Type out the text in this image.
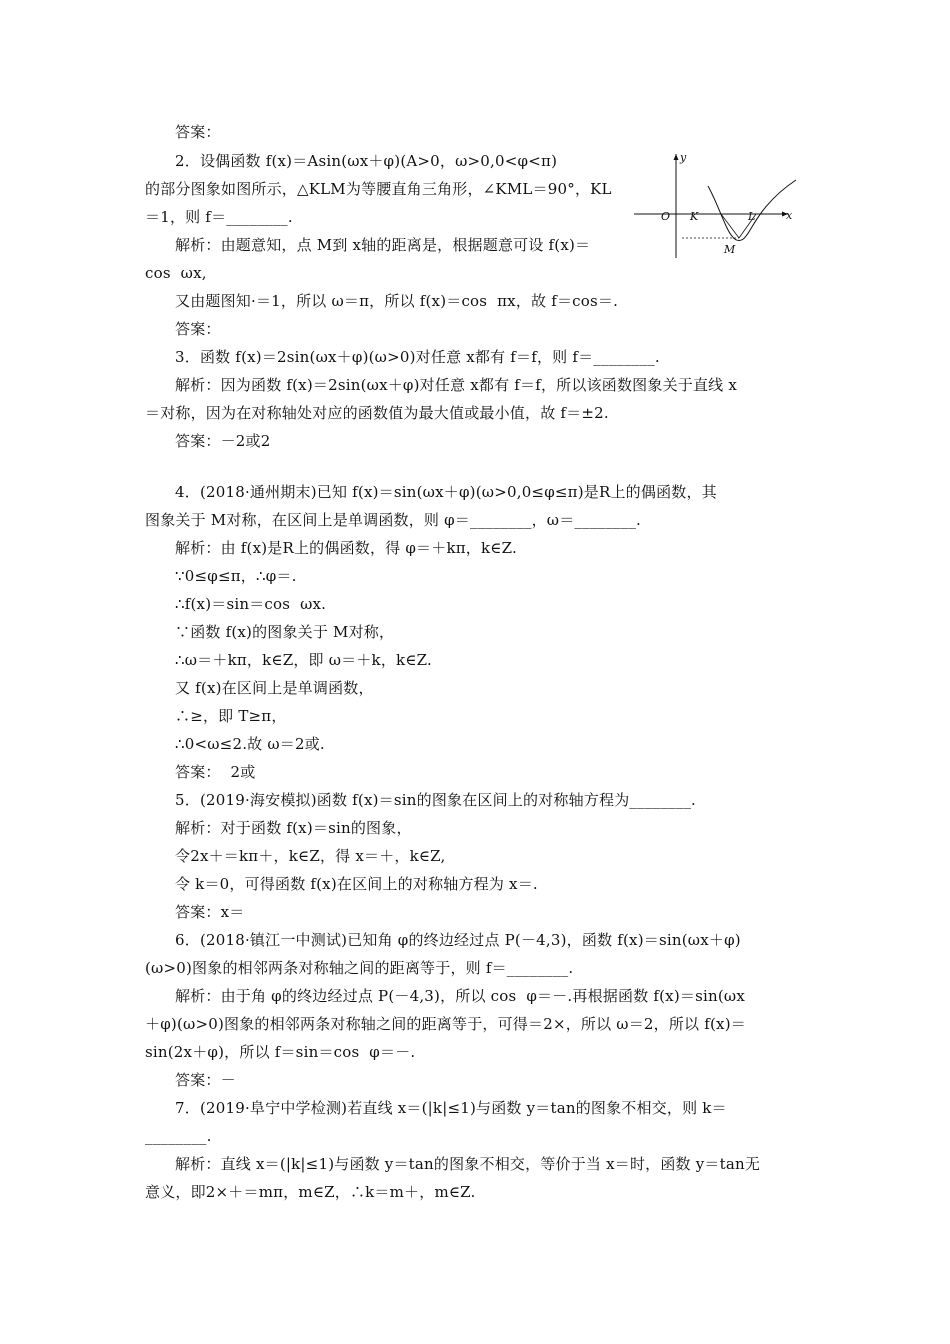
答案：
2．设偶函数 f(x)＝Asin(ωx＋φ)(A>0，ω>0,0<φ<π)
的部分图象如图所示，△KLM为等腰直角三角形，∠KML＝90°，KL
＝1，则 f＝________.
解析：由题意知，点 M到 x轴的距离是，根据题意可设 f(x)＝
cos  ωx,
又由题图知·＝1，所以 ω＝π，所以 f(x)＝cos  πx，故 f＝cos＝.
答案：
3．函数 f(x)＝2sin(ωx＋φ)(ω>0)对任意 x都有 f＝f，则 f＝________.
解析：因为函数 f(x)＝2sin(ωx＋φ)对任意 x都有 f＝f，所以该函数图象关于直线 x
＝对称，因为在对称轴处对应的函数值为最大值或最小值，故 f＝±2.
答案：－2或2
4．(2018·通州期末)已知 f(x)＝sin(ωx＋φ)(ω>0,0≤φ≤π)是R上的偶函数，其
图象关于 M对称，在区间上是单调函数，则 φ＝________，ω＝________.
解析：由 f(x)是R上的偶函数，得 φ＝＋kπ，k∈Z.
∵0≤φ≤π，∴φ＝.
∴f(x)＝sin＝cos  ωx.
∵函数 f(x)的图象关于 M对称，
∴ω＝＋kπ，k∈Z，即 ω＝＋k，k∈Z.
又 f(x)在区间上是单调函数，
∴≥，即 T≥π，
∴0<ω≤2.故 ω＝2或.
答案：  2或
5．(2019·海安模拟)函数 f(x)＝sin的图象在区间上的对称轴方程为________.
解析：对于函数 f(x)＝sin的图象，
令2x＋＝kπ＋，k∈Z，得 x＝＋，k∈Z,
令 k＝0，可得函数 f(x)在区间上的对称轴方程为 x＝.
答案：x＝
6．(2018·镇江一中测试)已知角 φ的终边经过点 P(－4,3)，函数 f(x)＝sin(ωx＋φ)
(ω>0)图象的相邻两条对称轴之间的距离等于，则 f＝________.
解析：由于角 φ的终边经过点 P(－4,3)，所以 cos  φ＝－.再根据函数 f(x)＝sin(ωx
＋φ)(ω>0)图象的相邻两条对称轴之间的距离等于，可得＝2×，所以 ω＝2，所以 f(x)＝
sin(2x＋φ)，所以 f＝sin＝cos  φ＝－.
答案：－
7．(2019·阜宁中学检测)若直线 x＝(|k|≤1)与函数 y＝tan的图象不相交，则 k＝
________.
解析：直线 x＝(|k|≤1)与函数 y＝tan的图象不相交，等价于当 x＝时，函数 y＝tan无
意义，即2×＋＝mπ，m∈Z，∴k＝m＋，m∈Z.
y
x
O K	L
M
